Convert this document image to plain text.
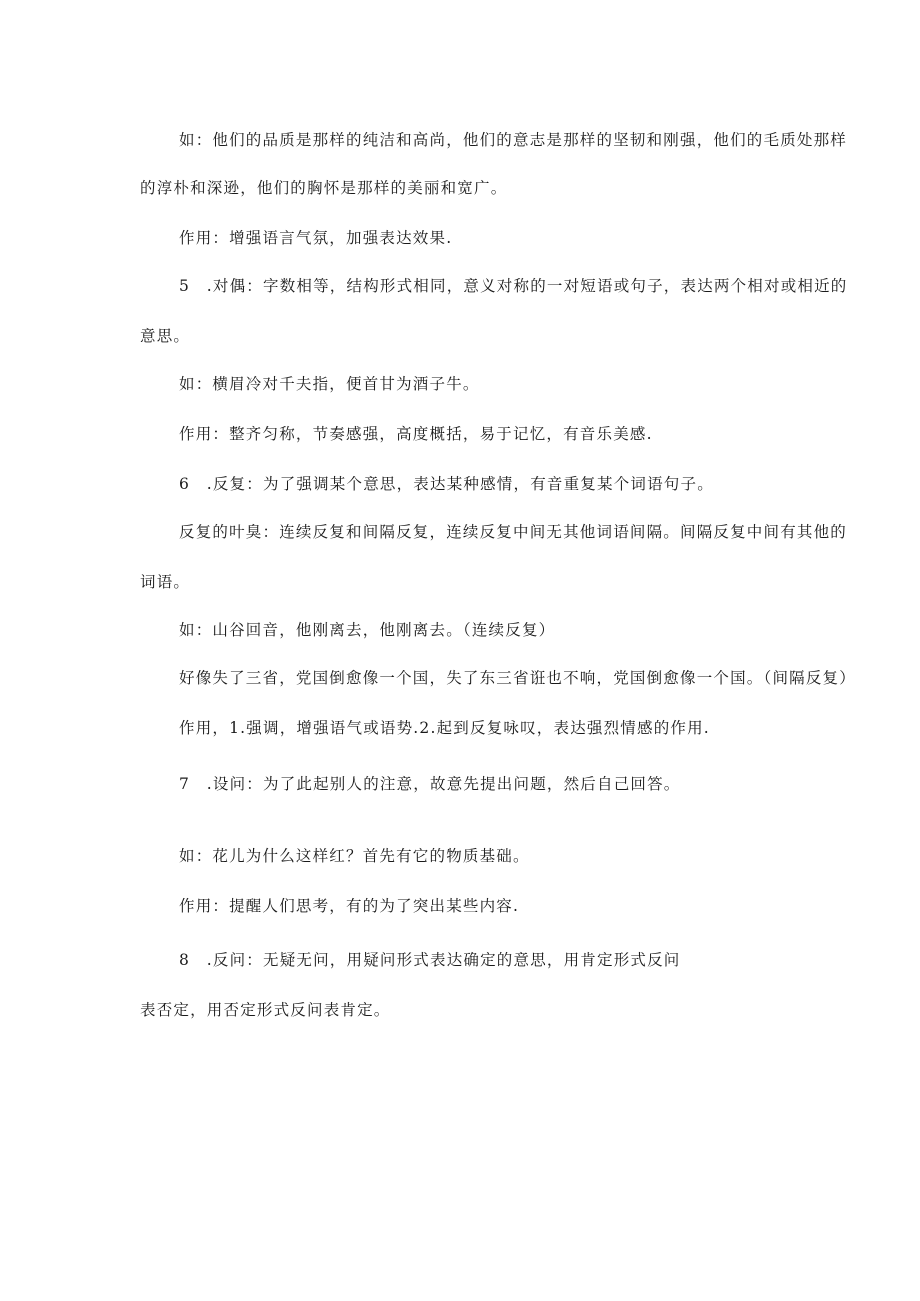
如：他们的品质是那样的纯洁和高尚，他们的意志是那样的坚韧和刚强，他们的毛质处那样
的淳朴和深逊，他们的胸怀是那样的美丽和宽广。
作用：增强语言气氛，加强表达效果.
5　.对偶：字数相等，结构形式相同，意义对称的一对短语或句子，表达两个相对或相近的
意思。
如：横眉冷对千夫指，便首甘为酒子牛。
作用：整齐匀称，节奏感强，高度概括，易于记忆，有音乐美感.
6　.反复：为了强调某个意思，表达某种感情，有音重复某个词语句子。
反复的叶臭：连续反复和间隔反复，连续反复中间无其他词语间隔。间隔反复中间有其他的
词语。
如：山谷回音，他刚离去，他刚离去。（连续反复）
好像失了三省，党国倒愈像一个国，失了东三省诳也不响，党国倒愈像一个国。（间隔反复）
作用，1.强调，增强语气或语势.2.起到反复咏叹，表达强烈情感的作用.
7　.设问：为了此起别人的注意，故意先提出问题，然后自己回答。
如：花儿为什么这样红？首先有它的物质基础。
作用：提醒人们思考，有的为了突出某些内容.
8　.反问：无疑无问，用疑问形式表达确定的意思，用肯定形式反问
表否定，用否定形式反问表肯定。
